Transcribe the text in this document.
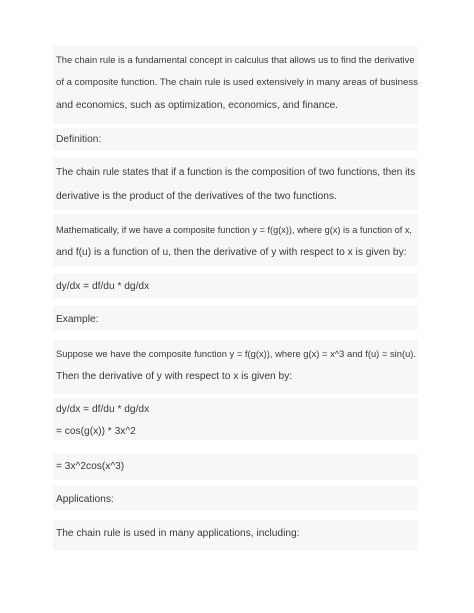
The chain rule is a fundamental concept in calculus that allows us to find the derivative
of a composite function. The chain rule is used extensively in many areas of business
and economics, such as optimization, economics, and finance.
Definition:
The chain rule states that if a function is the composition of two functions, then its
derivative is the product of the derivatives of the two functions.
Mathematically, if we have a composite function y = f(g(x)), where g(x) is a function of x,
and f(u) is a function of u, then the derivative of y with respect to x is given by:
dy/dx = df/du * dg/dx
Example:
Suppose we have the composite function y = f(g(x)), where g(x) = x^3 and f(u) = sin(u).
Then the derivative of y with respect to x is given by:
dy/dx = df/du * dg/dx
= cos(g(x)) * 3x^2
= 3x^2cos(x^3)
Applications:
The chain rule is used in many applications, including:
